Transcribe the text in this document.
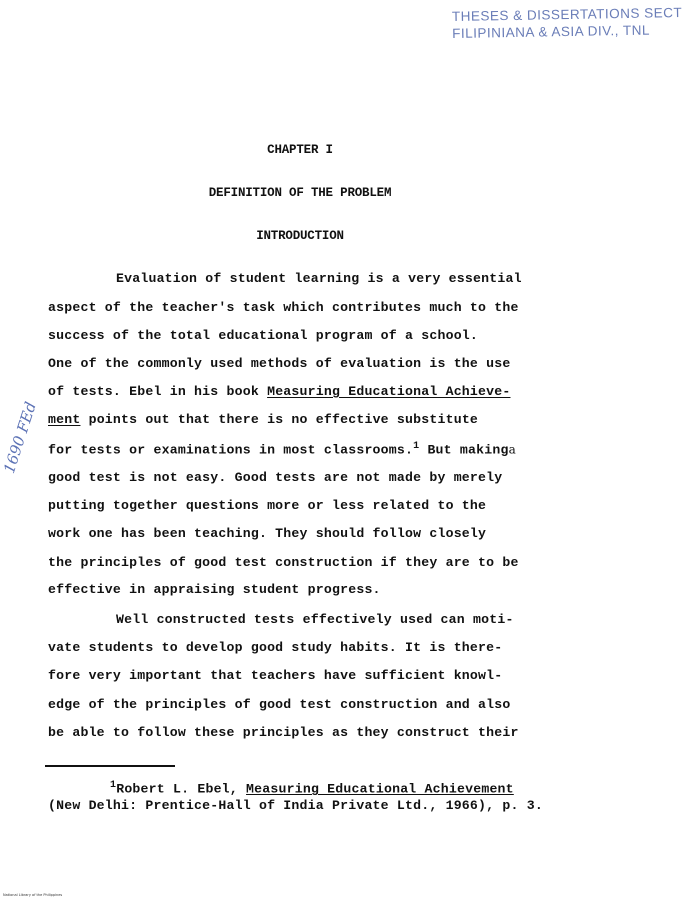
THESES & DISSERTATIONS SECT
FILIPINIANA & ASIA DIV., TNL
1690 FEd
CHAPTER I
DEFINITION OF THE PROBLEM
INTRODUCTION
Evaluation of student learning is a very essential
aspect of the teacher's task which contributes much to the
success of the total educational program of a school.
One of the commonly used methods of evaluation is the use
of tests. Ebel in his book Measuring Educational Achieve-
ment points out that there is no effective substitute
for tests or examinations in most classrooms.$^1$ But makinga
good test is not easy. Good tests are not made by merely
putting together questions more or less related to the
work one has been teaching. They should follow closely
the principles of good test construction if they are to be
effective in appraising student progress.
Well constructed tests effectively used can moti-
vate students to develop good study habits. It is there-
fore very important that teachers have sufficient knowl-
edge of the principles of good test construction and also
be able to follow these principles as they construct their
$^1$Robert L. Ebel, Measuring Educational Achievement
(New Delhi: Prentice-Hall of India Private Ltd., 1966), p. 3.
National Library of the Philippines
